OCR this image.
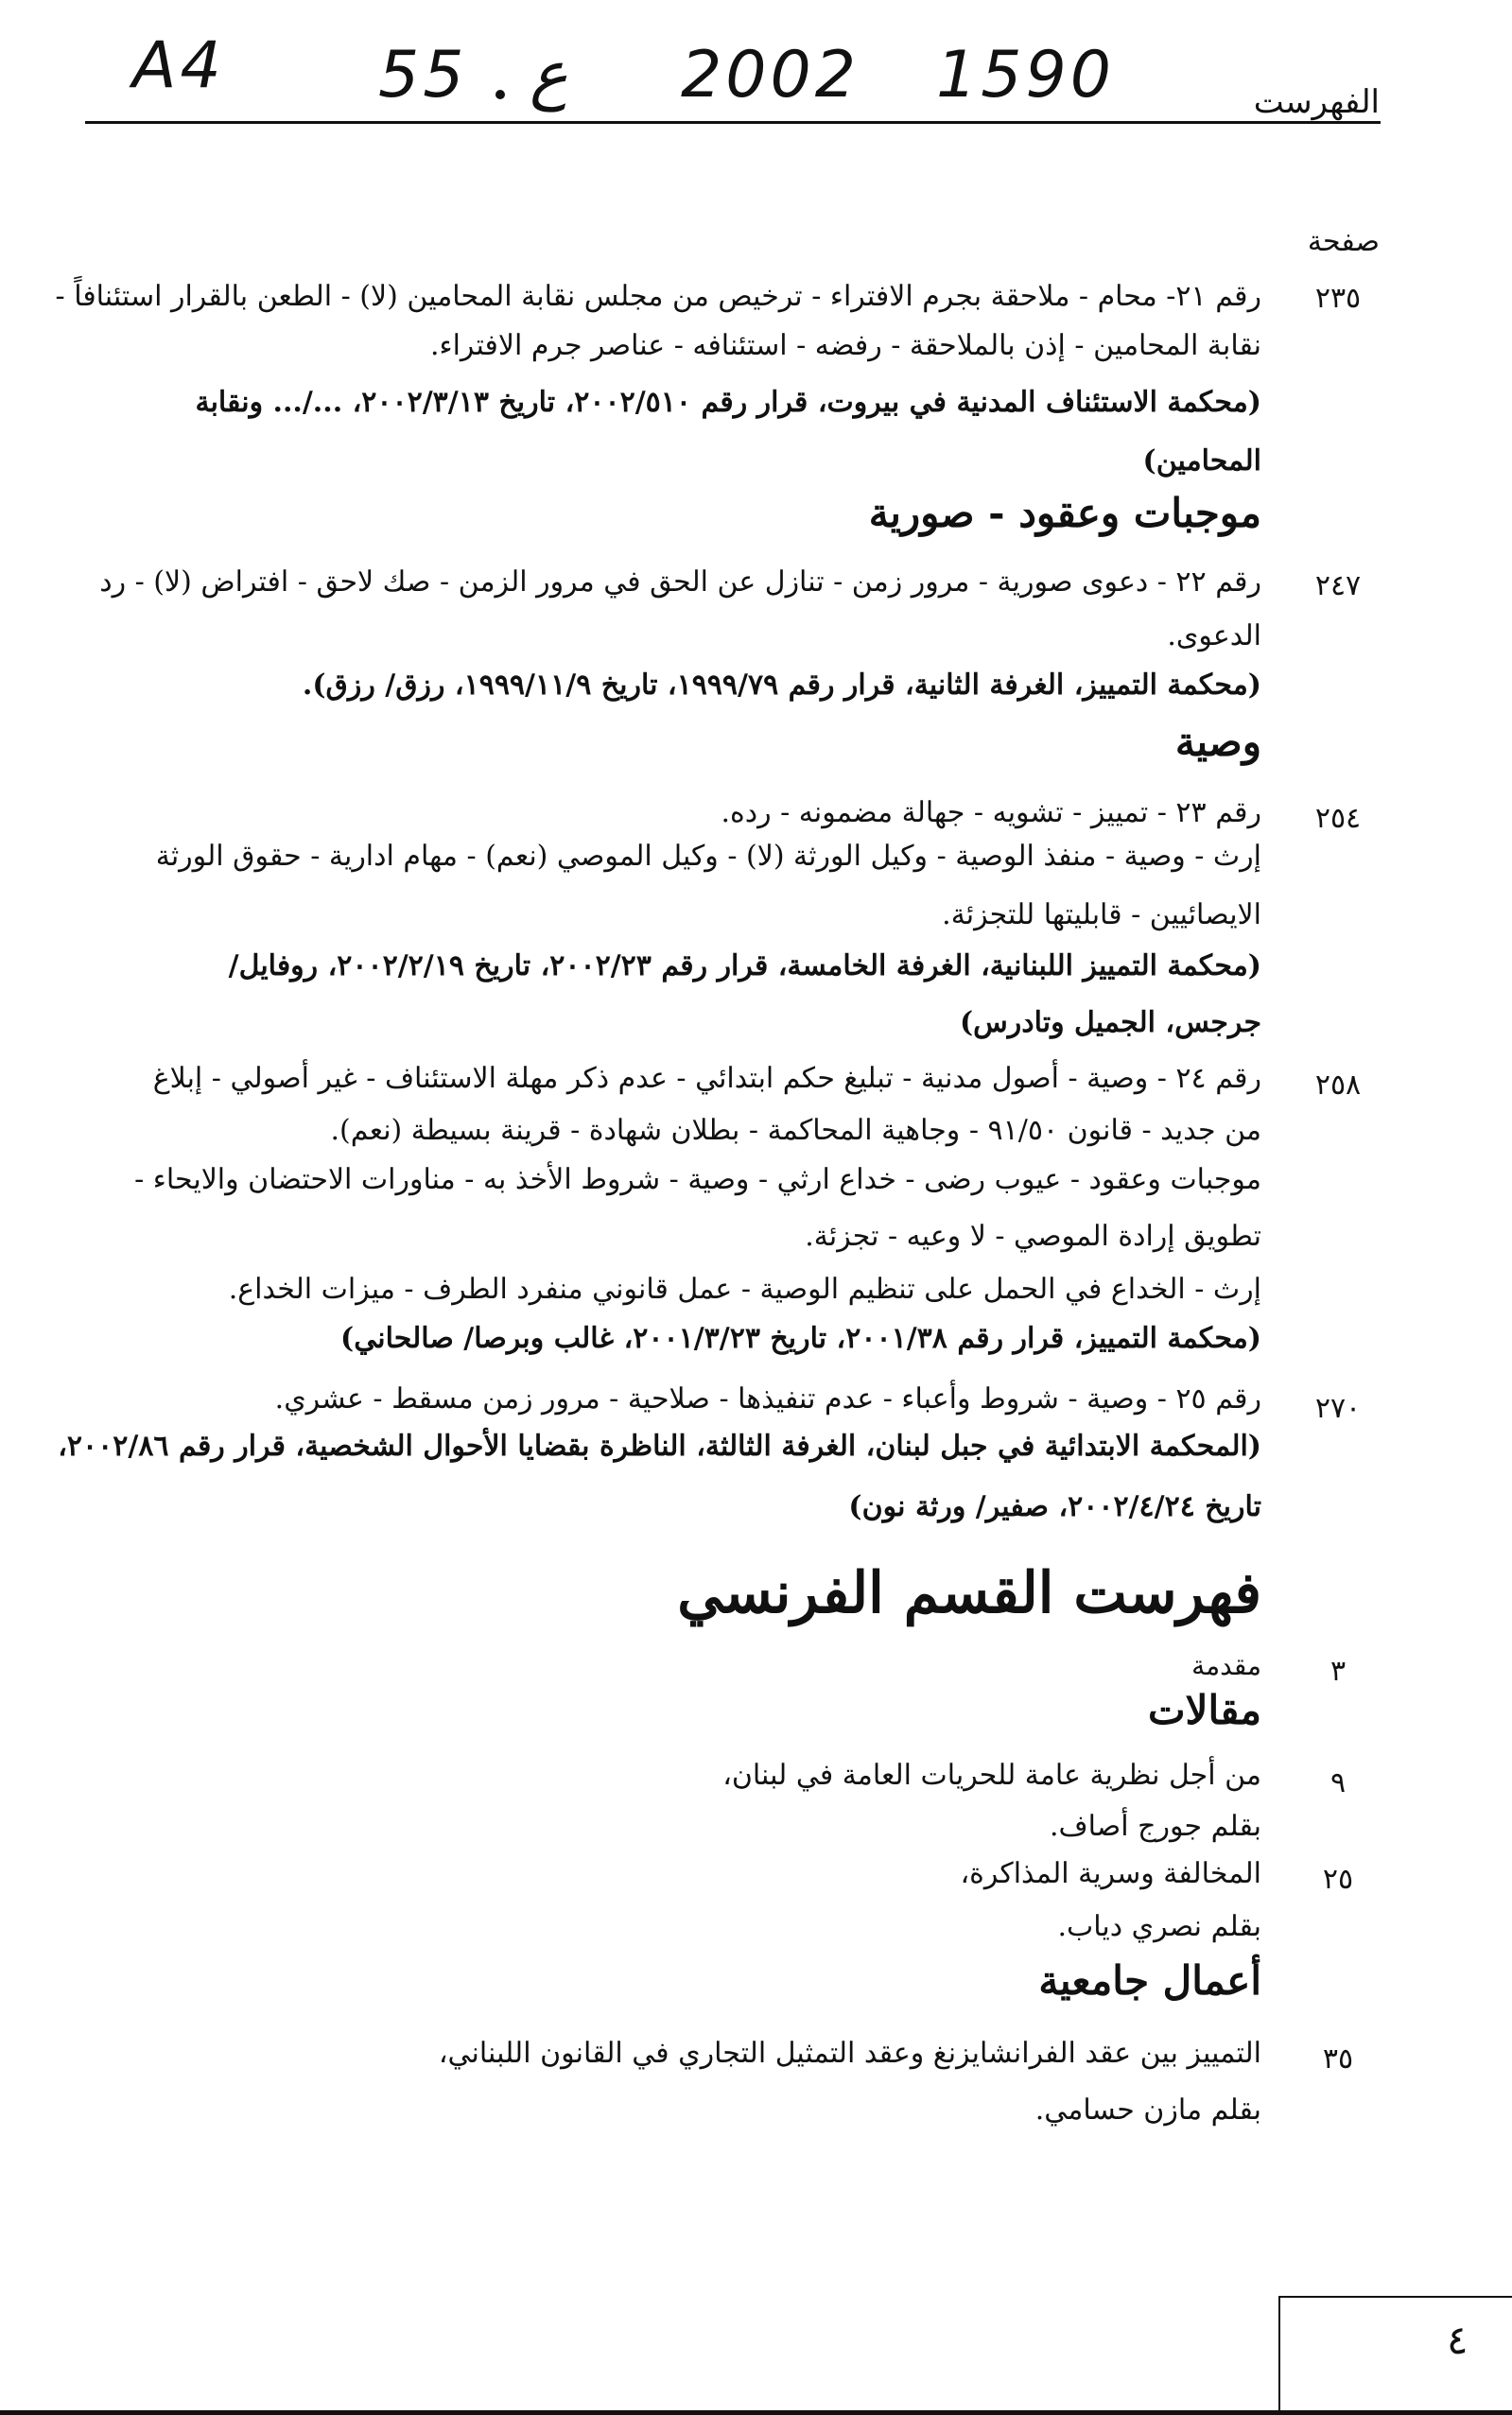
A4 55 ع 2002 1590	الفهرست
صفحة
٢٣٥
رقم ٢١- محام - ملاحقة بجرم الافتراء - ترخيص من مجلس نقابة المحامين (لا) - الطعن بالقرار استئنافاً -
نقابة المحامين - إذن بالملاحقة - رفضه - استئنافه - عناصر جرم الافتراء.
(محكمة الاستئناف المدنية في بيروت، قرار رقم ٢٠٠٢/٥١٠، تاريخ ٢٠٠٢/٣/١٣، .../... ونقابة
المحامين)
موجبات وعقود - صورية
٢٤٧
رقم ٢٢ - دعوى صورية - مرور زمن - تنازل عن الحق في مرور الزمن - صك لاحق - افتراض (لا) - رد
الدعوى.
(محكمة التمييز، الغرفة الثانية، قرار رقم ١٩٩٩/٧٩، تاريخ ١٩٩٩/١١/٩، رزق/ رزق).
وصية
٢٥٤
رقم ٢٣ - تمييز - تشويه - جهالة مضمونه - رده.
إرث - وصية - منفذ الوصية - وكيل الورثة (لا) - وكيل الموصي (نعم) - مهام ادارية - حقوق الورثة
الايصائيين - قابليتها للتجزئة.
(محكمة التمييز اللبنانية، الغرفة الخامسة، قرار رقم ٢٠٠٢/٢٣، تاريخ ٢٠٠٢/٢/١٩، روفايل/
جرجس، الجميل وتادرس)
٢٥٨
رقم ٢٤ - وصية - أصول مدنية - تبليغ حكم ابتدائي - عدم ذكر مهلة الاستئناف - غير أصولي - إبلاغ
من جديد - قانون ٩١/٥٠ - وجاهية المحاكمة - بطلان شهادة - قرينة بسيطة (نعم).
موجبات وعقود - عيوب رضى - خداع ارثي - وصية - شروط الأخذ به - مناورات الاحتضان والايحاء -
تطويق إرادة الموصي - لا وعيه - تجزئة.
إرث - الخداع في الحمل على تنظيم الوصية - عمل قانوني منفرد الطرف - ميزات الخداع.
(محكمة التمييز، قرار رقم ٢٠٠١/٣٨، تاريخ ٢٠٠١/٣/٢٣، غالب وبرصا/ صالحاني)
٢٧٠
رقم ٢٥ - وصية - شروط وأعباء - عدم تنفيذها - صلاحية - مرور زمن مسقط - عشري.
(المحكمة الابتدائية في جبل لبنان، الغرفة الثالثة، الناظرة بقضايا الأحوال الشخصية، قرار رقم ٢٠٠٢/٨٦،
تاريخ ٢٠٠٢/٤/٢٤، صفير/ ورثة نون)
فهرست القسم الفرنسي
٣
مقدمة
مقالات
٩
من أجل نظرية عامة للحريات العامة في لبنان،
بقلم جورج أصاف.
٢٥
المخالفة وسرية المذاكرة،
بقلم نصري دياب.
أعمال جامعية
٣٥
التمييز بين عقد الفرانشايزنغ وعقد التمثيل التجاري في القانون اللبناني،
بقلم مازن حسامي.
٤
